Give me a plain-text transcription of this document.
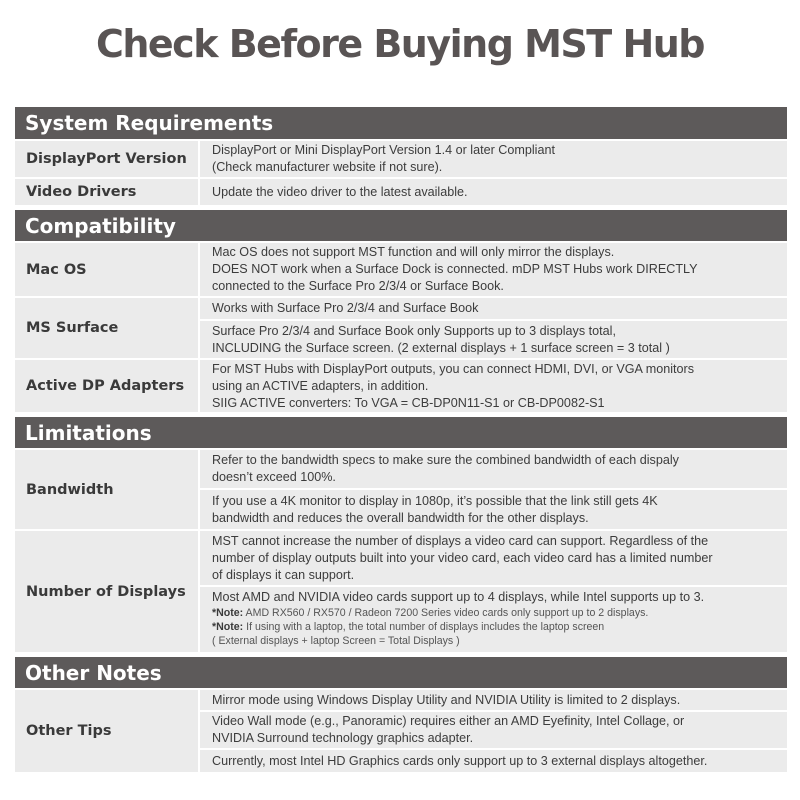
Check Before Buying MST Hub
System Requirements
DisplayPort Version
DisplayPort or Mini DisplayPort Version 1.4 or later Compliant
(Check manufacturer website if not sure).
Video Drivers	Update the video driver to the latest available.
Compatibility
Mac OS
Mac OS does not support MST function and will only mirror the displays.
DOES NOT work when a Surface Dock is connected. mDP MST Hubs work DIRECTLY
connected to the Surface Pro 2/3/4 or Surface Book.
MS Surface
Works with Surface Pro 2/3/4 and Surface Book
Surface Pro 2/3/4 and Surface Book only Supports up to 3 displays total,
INCLUDING the Surface screen. (2 external displays + 1 surface screen = 3 total )
Active DP Adapters
For MST Hubs with DisplayPort outputs, you can connect HDMI, DVI, or VGA monitors
using an ACTIVE adapters, in addition.
SIIG ACTIVE converters: To VGA = CB-DP0N11-S1 or CB-DP0082-S1
Limitations
Bandwidth
Refer to the bandwidth specs to make sure the combined bandwidth of each dispaly
doesn’t exceed 100%.
If you use a 4K monitor to display in 1080p, it’s possible that the link still gets 4K
bandwidth and reduces the overall bandwidth for the other displays.
Number of Displays
MST cannot increase the number of displays a video card can support. Regardless of the
number of display outputs built into your video card, each video card has a limited number
of displays it can support.
Most AMD and NVIDIA video cards support up to 4 displays, while Intel supports up to 3.
*Note: AMD RX560 / RX570 / Radeon 7200 Series video cards only support up to 2 displays.
*Note: If using with a laptop, the total number of displays includes the laptop screen
( External displays + laptop Screen = Total Displays )
Other Notes
Other Tips
Mirror mode using Windows Display Utility and NVIDIA Utility is limited to 2 displays.
Video Wall mode (e.g., Panoramic) requires either an AMD Eyefinity, Intel Collage, or
NVIDIA Surround technology graphics adapter.
Currently, most Intel HD Graphics cards only support up to 3 external displays altogether.
